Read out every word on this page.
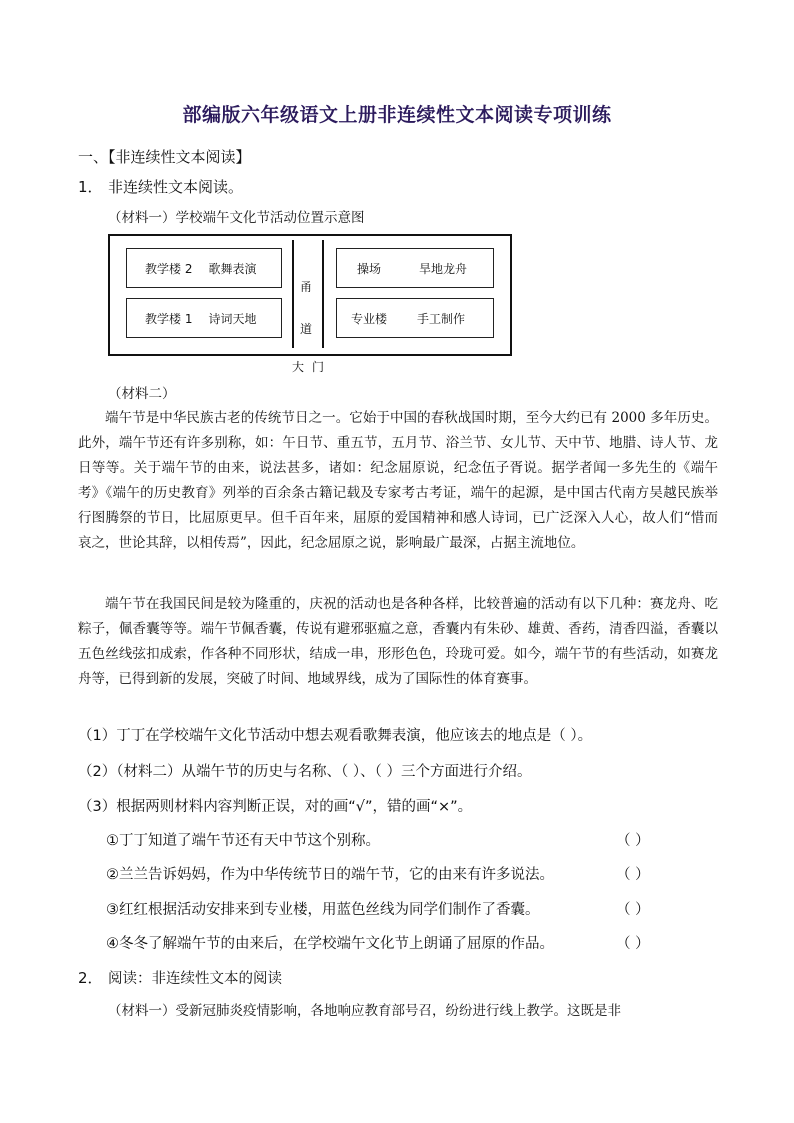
部编版六年级语文上册非连续性文本阅读专项训练
一、【非连续性文本阅读】
1． 非连续性文本阅读。
（材料一）学校端午文化节活动位置示意图
教学楼 2 歌舞表演
教学楼 1 诗词天地
甬
道
操场	旱地龙舟
专业楼	手工制作
大门
（材料二）
端午节是中华民族古老的传统节日之一。它始于中国的春秋战国时期，至今大约已有 2000 多年历史。此外，端午节还有许多别称，如：午日节、重五节，五月节、浴兰节、女儿节、天中节、地腊、诗人节、龙日等等。关于端午节的由来，说法甚多，诸如：纪念屈原说，纪念伍子胥说。据学者闻一多先生的《端午考》《端午的历史教育》列举的百余条古籍记载及专家考古考证，端午的起源，是中国古代南方吴越民族举行图腾祭的节日，比屈原更早。但千百年来，屈原的爱国精神和感人诗词，已广泛深入人心，故人们“惜而哀之，世论其辞，以相传焉”，因此，纪念屈原之说，影响最广最深，占据主流地位。
端午节在我国民间是较为隆重的，庆祝的活动也是各种各样，比较普遍的活动有以下几种：赛龙舟、吃粽子，佩香囊等等。端午节佩香囊，传说有避邪驱瘟之意，香囊内有朱砂、雄黄、香药，清香四溢，香囊以五色丝线弦扣成索，作各种不同形状，结成一串，形形色色，玲珑可爱。如今，端午节的有些活动，如赛龙舟等，已得到新的发展，突破了时间、地域界线，成为了国际性的体育赛事。
（1）丁丁在学校端午文化节活动中想去观看歌舞表演，他应该去的地点是（ ）。
（2）（材料二）从端午节的历史与名称、（ ）、（ ）三个方面进行介绍。
（3）根据两则材料内容判断正误，对的画“√”，错的画“×”。
①丁丁知道了端午节还有天中节这个别称。	（ ）
②兰兰告诉妈妈，作为中华传统节日的端午节，它的由来有许多说法。	（ ）
③红红根据活动安排来到专业楼，用蓝色丝线为同学们制作了香囊。	（ ）
④冬冬了解端午节的由来后，在学校端午文化节上朗诵了屈原的作品。	（ ）
2． 阅读：非连续性文本的阅读
（材料一）受新冠肺炎疫情影响，各地响应教育部号召，纷纷进行线上教学。这既是非
